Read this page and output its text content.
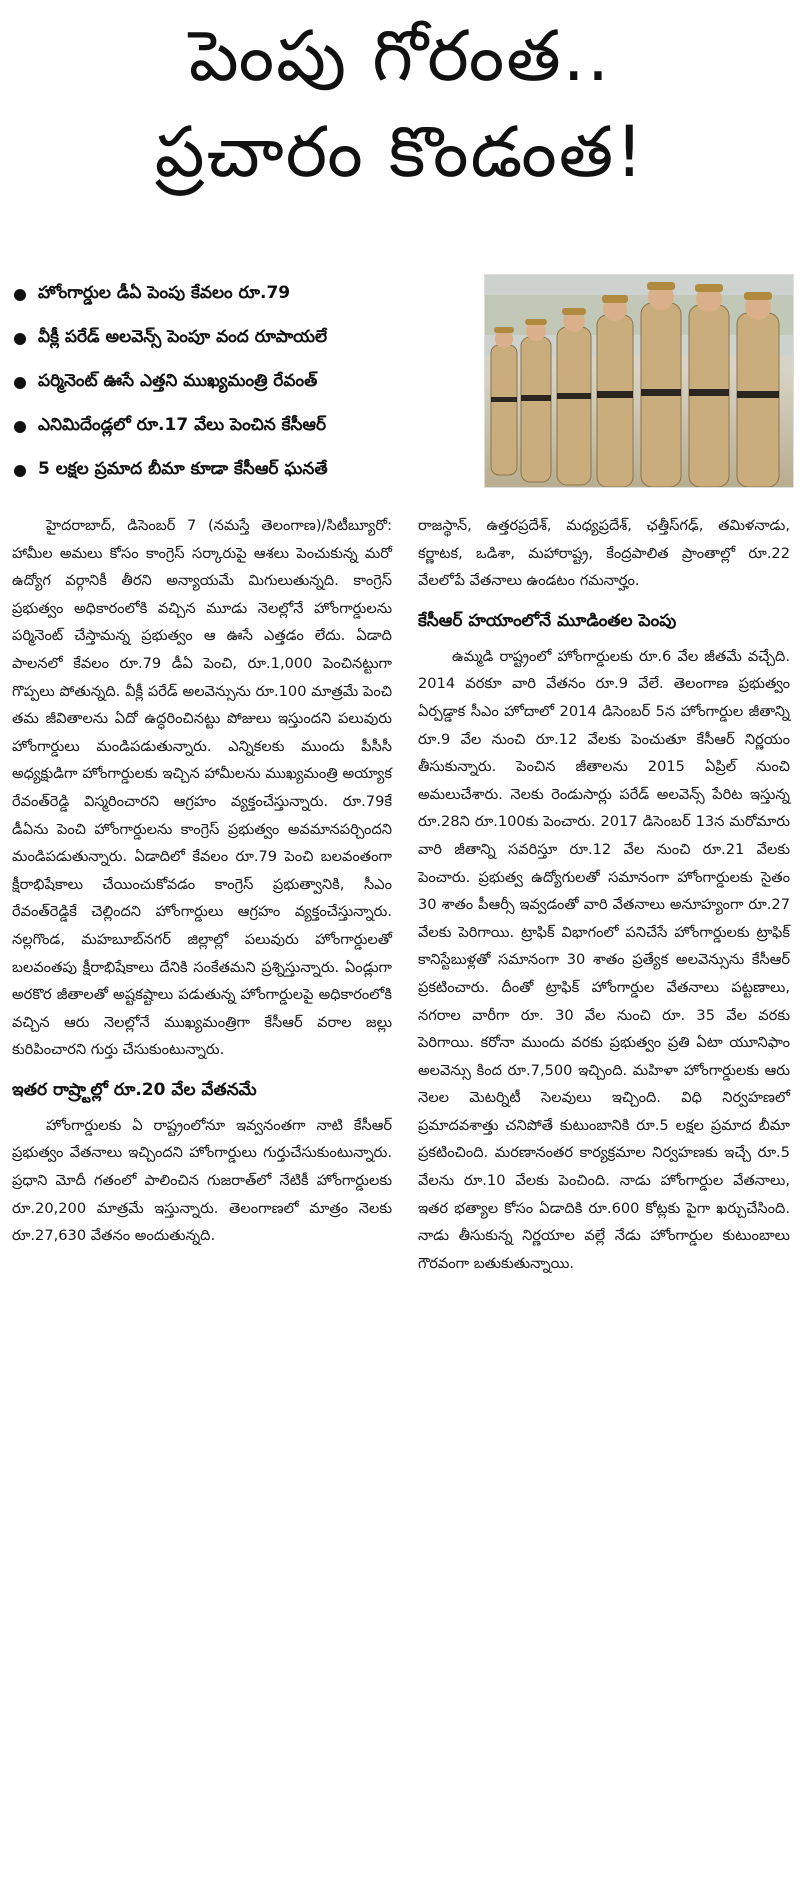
పెంపు గోరంత..
ప్రచారం కొండంత!
హోంగార్డుల డీఏ పెంపు కేవలం రూ.79
వీక్లీ పరేడ్‌ అలవెన్స్‌ పెంపూ వంద రూపాయలే
పర్మినెంట్‌ ఊసే ఎత్తని ముఖ్యమంత్రి రేవంత్‌
ఎనిమిదేండ్లలో రూ.17 వేలు పెంచిన కేసీఆర్‌
5 లక్షల ప్రమాద బీమా కూడా కేసీఆర్‌ ఘనతే

హైదరాబాద్‌, డిసెంబర్‌ 7 (నమస్తే తెలంగాణ)/సిటీబ్యూరో: హామీల అమలు కోసం కాంగ్రెస్‌ సర్కారుపై ఆశలు పెంచుకున్న మరో ఉద్యోగ వర్గానికీ తీరని అన్యాయమే మిగులుతున్నది. కాంగ్రెస్‌ ప్రభుత్వం అధికారంలోకి వచ్చిన మూడు నెలల్లోనే హోంగార్డులను పర్మినెంట్‌ చేస్తామన్న ప్రభుత్వం ఆ ఊసే ఎత్తడం లేదు. ఏడాది పాలనలో కేవలం రూ.79 డీఏ పెంచి, రూ.1,000 పెంచినట్టుగా గొప్పలు పోతున్నది. వీక్లీ పరేడ్‌ అలవెన్సును రూ.100 మాత్రమే పెంచి తమ జీవితాలను ఏదో ఉద్ధరించినట్టు పోజులు ఇస్తుందని పలువురు హోంగార్డులు మండిపడుతున్నారు. ఎన్నికలకు ముందు పీసీసీ అధ్యక్షుడిగా హోంగార్డులకు ఇచ్చిన హామీలను ముఖ్యమంత్రి అయ్యాక రేవంత్‌రెడ్డి విస్మరించారని ఆగ్రహం వ్యక్తంచేస్తున్నారు. రూ.79కే డీఏను పెంచి హోంగార్డులను కాంగ్రెస్‌ ప్రభుత్వం అవమానపర్చిందని మండిపడుతున్నారు. ఏడాదిలో కేవలం రూ.79 పెంచి బలవంతంగా క్షీరాభిషేకాలు చేయించుకోవడం కాంగ్రెస్‌ ప్రభుత్వానికి, సీఎం రేవంత్‌రెడ్డికే చెల్లిందని హోంగార్డులు ఆగ్రహం వ్యక్తంచేస్తున్నారు. నల్లగొండ, మహబూబ్‌నగర్‌ జిల్లాల్లో పలువురు హోంగార్డులతో బలవంతపు క్షీరాభిషేకాలు దేనికి సంకేతమని ప్రశ్నిస్తున్నారు. ఏండ్లుగా అరకొర జీతాలతో అష్టకష్టాలు పడుతున్న హోంగార్డులపై అధికారంలోకి వచ్చిన ఆరు నెలల్లోనే ముఖ్యమంత్రిగా కేసీఆర్‌ వరాల జల్లు కురిపించారని గుర్తు చేసుకుంటున్నారు.

ఇతర రాష్ర్టాల్లో రూ.20 వేల వేతనమే

హోంగార్డులకు ఏ రాష్ట్రంలోనూ ఇవ్వనంతగా నాటి కేసీఆర్‌ ప్రభుత్వం వేతనాలు ఇచ్చిందని హోంగార్డులు గుర్తుచేసుకుంటున్నారు. ప్రధాని మోదీ గతంలో పాలించిన గుజరాత్‌లో నేటికీ హోంగార్డులకు రూ.20,200 మాత్రమే ఇస్తున్నారు. తెలంగాణలో మాత్రం నెలకు రూ.27,630 వేతనం అందుతున్నది.

రాజస్థాన్‌, ఉత్తరప్రదేశ్‌, మధ్యప్రదేశ్‌, ఛత్తీస్‌గఢ్‌, తమిళనాడు, కర్ణాటక, ఒడిశా, మహారాష్ట్ర, కేంద్రపాలిత ప్రాంతాల్లో రూ.22 వేలలోపే వేతనాలు ఉండటం గమనార్హం.

కేసీఆర్‌ హయాంలోనే మూడింతల పెంపు

ఉమ్మడి రాష్ట్రంలో హోంగార్డులకు రూ.6 వేల జీతమే వచ్చేది. 2014 వరకూ వారి వేతనం రూ.9 వేలే. తెలంగాణ ప్రభుత్వం ఏర్పడ్డాక సీఎం హోదాలో 2014 డిసెంబర్‌ 5న హోంగార్డుల జీతాన్ని రూ.9 వేల నుంచి రూ.12 వేలకు పెంచుతూ కేసీఆర్‌ నిర్ణయం తీసుకున్నారు. పెంచిన జీతాలను 2015 ఏప్రిల్‌ నుంచి అమలుచేశారు. నెలకు రెండుసార్లు పరేడ్‌ అలవెన్స్‌ పేరిట ఇస్తున్న రూ.28ని రూ.100కు పెంచారు. 2017 డిసెంబర్‌ 13న మరోమారు వారి జీతాన్ని సవరిస్తూ రూ.12 వేల నుంచి రూ.21 వేలకు పెంచారు. ప్రభుత్వ ఉద్యోగులతో సమానంగా హోంగార్డులకు సైతం 30 శాతం పీఆర్సీ ఇవ్వడంతో వారి వేతనాలు అనూహ్యంగా రూ.27 వేలకు పెరిగాయి. ట్రాఫిక్‌ విభాగంలో పనిచేసే హోంగార్డులకు ట్రాఫిక్‌ కానిస్టేబుళ్లతో సమానంగా 30 శాతం ప్రత్యేక అలవెన్సును కేసీఆర్‌ ప్రకటించారు. దీంతో ట్రాఫిక్‌ హోంగార్డుల వేతనాలు పట్టణాలు, నగరాల వారీగా రూ. 30 వేల నుంచి రూ. 35 వేల వరకు పెరిగాయి. కరోనా ముందు వరకు ప్రభుత్వం ప్రతి ఏటా యూనిఫాం అలవెన్సు కింద రూ.7,500 ఇచ్చింది. మహిళా హోంగార్డులకు ఆరు నెలల మెటర్నిటీ సెలవులు ఇచ్చింది. విధి నిర్వహణలో ప్రమాదవశాత్తు చనిపోతే కుటుంబానికి రూ.5 లక్షల ప్రమాద బీమా ప్రకటించింది. మరణానంతర కార్యక్రమాల నిర్వహణకు ఇచ్చే రూ.5 వేలను రూ.10 వేలకు పెంచింది. నాడు హోంగార్డుల వేతనాలు, ఇతర భత్యాల కోసం ఏడాదికి రూ.600 కోట్లకు పైగా ఖర్చుచేసింది. నాడు తీసుకున్న నిర్ణయాల వల్లే నేడు హోంగార్డుల కుటుంబాలు గౌరవంగా బతుకుతున్నాయి.
